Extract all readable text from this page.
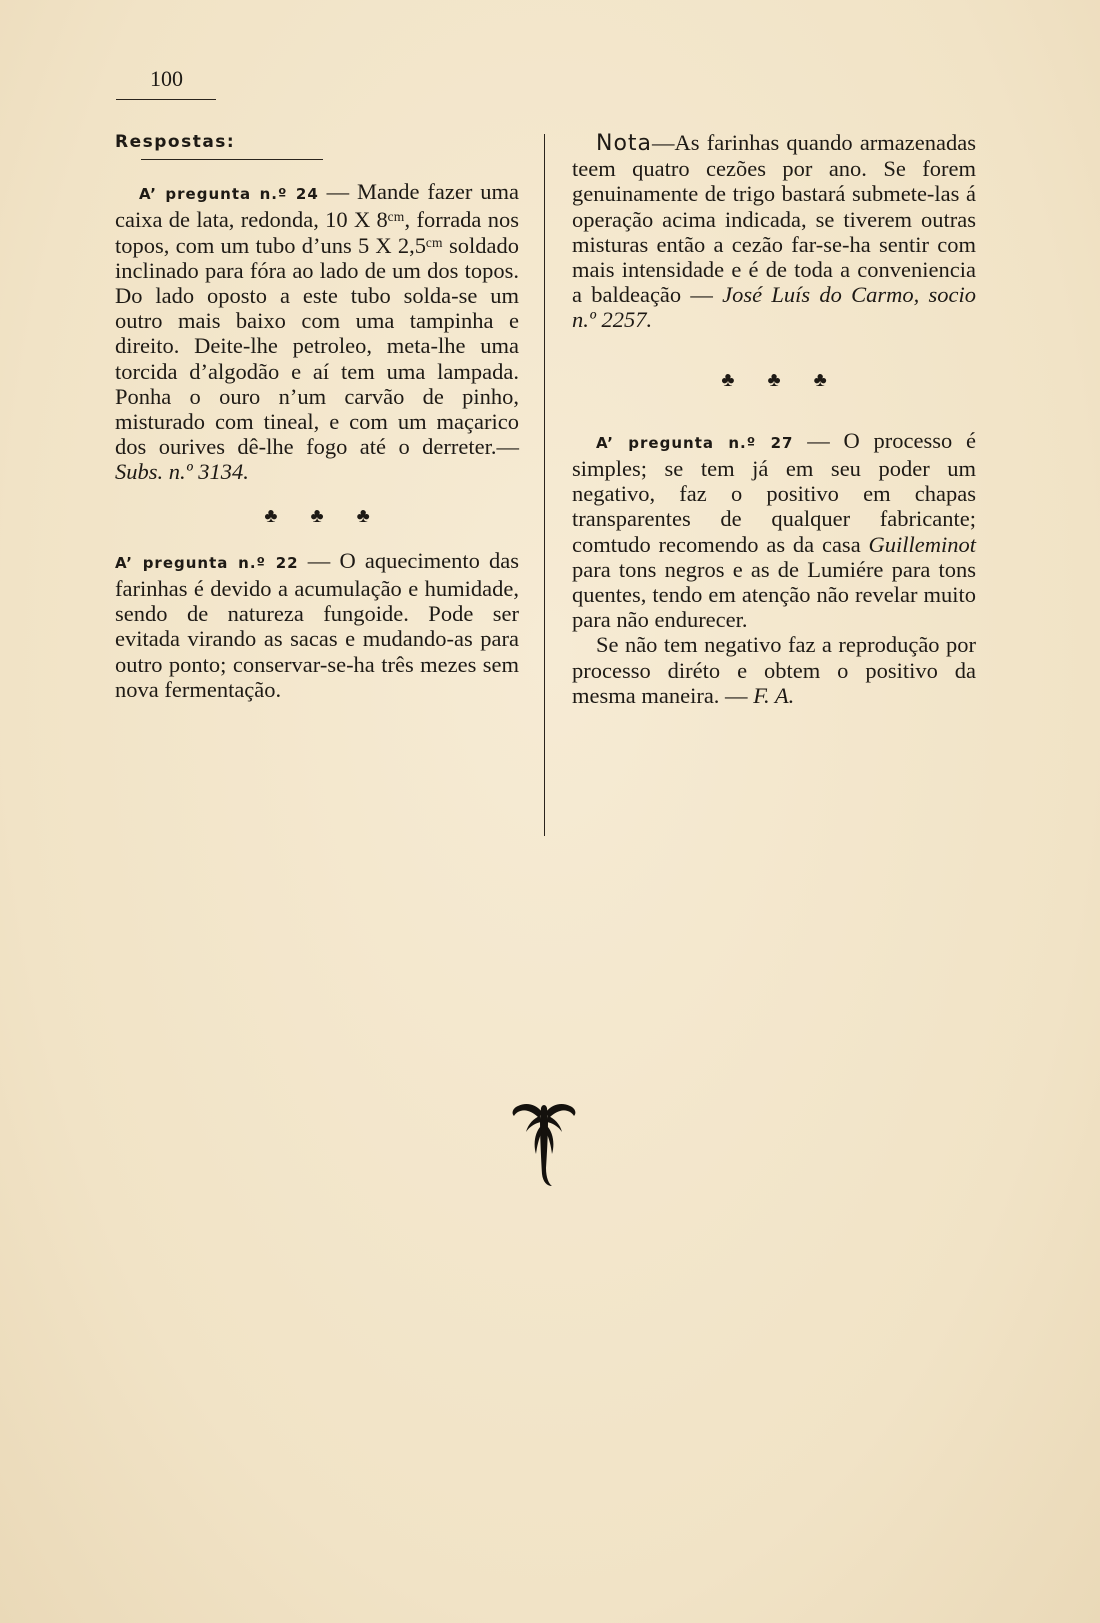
100
Respostas:

A’ pregunta n.º 24 — Mande fazer uma caixa de lata, redonda, 10 X 8ᶜᵐ, forrada nos topos, com um tubo d’uns 5 X 2,5ᶜᵐ soldado inclinado para fóra ao lado de um dos topos. Do lado oposto a este tubo solda-se um outro mais baixo com uma tampinha e direito. Deite-lhe petroleo, meta-lhe uma torcida d’algodão e aí tem uma lampada. Ponha o ouro n’um carvão de pinho, misturado com tineal, e com um maçarico dos ourives dê-lhe fogo até o derreter.—Subs. n.º 3134.

♣ ♣ ♣

A’ pregunta n.º 22 — O aquecimento das farinhas é devido a acumulação e humidade, sendo de natureza fungoide. Pode ser evitada virando as sacas e mudando-as para outro ponto; conservar-se-ha três mezes sem nova fermentação.

Nota—As farinhas quando armazenadas teem quatro cezões por ano. Se forem genuinamente de trigo bastará submete-las á operação acima indicada, se tiverem outras misturas então a cezão far-se-ha sentir com mais intensidade e é de toda a conveniencia a baldeação — José Luís do Carmo, socio n.º 2257.

♣ ♣ ♣

A’ pregunta n.º 27 — O processo é simples; se tem já em seu poder um negativo, faz o positivo em chapas transparentes de qualquer fabricante; comtudo recomendo as da casa Guilleminot para tons negros e as de Lumiére para tons quentes, tendo em atenção não revelar muito para não endurecer.

Se não tem negativo faz a reprodução por processo diréto e obtem o positivo da mesma maneira. — F. A.
